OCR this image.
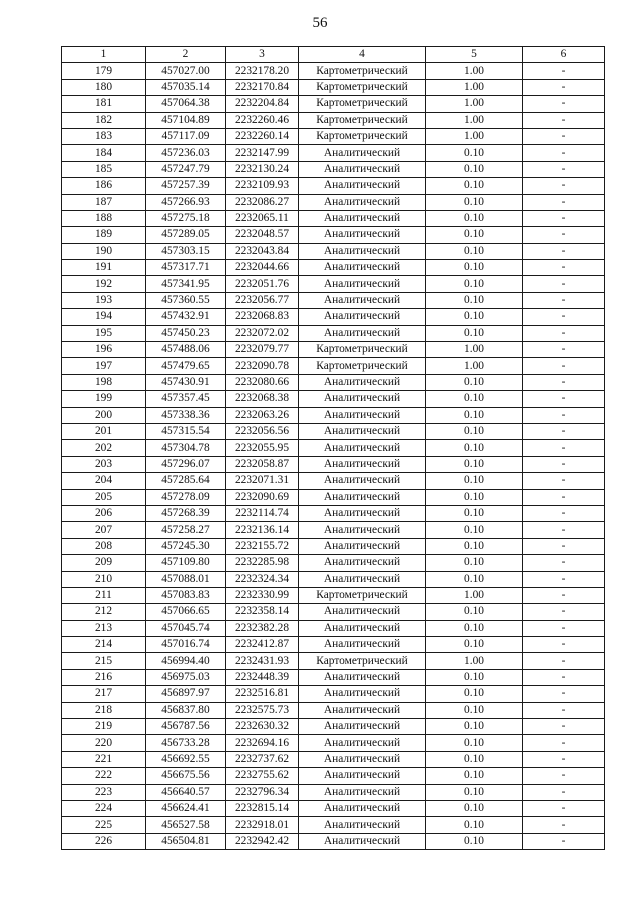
56
1	2	3	4	5	6
179	457027.00	2232178.20	Картометрический	1.00	-
180	457035.14	2232170.84	Картометрический	1.00	-
181	457064.38	2232204.84	Картометрический	1.00	-
182	457104.89	2232260.46	Картометрический	1.00	-
183	457117.09	2232260.14	Картометрический	1.00	-
184	457236.03	2232147.99	Аналитический	0.10	-
185	457247.79	2232130.24	Аналитический	0.10	-
186	457257.39	2232109.93	Аналитический	0.10	-
187	457266.93	2232086.27	Аналитический	0.10	-
188	457275.18	2232065.11	Аналитический	0.10	-
189	457289.05	2232048.57	Аналитический	0.10	-
190	457303.15	2232043.84	Аналитический	0.10	-
191	457317.71	2232044.66	Аналитический	0.10	-
192	457341.95	2232051.76	Аналитический	0.10	-
193	457360.55	2232056.77	Аналитический	0.10	-
194	457432.91	2232068.83	Аналитический	0.10	-
195	457450.23	2232072.02	Аналитический	0.10	-
196	457488.06	2232079.77	Картометрический	1.00	-
197	457479.65	2232090.78	Картометрический	1.00	-
198	457430.91	2232080.66	Аналитический	0.10	-
199	457357.45	2232068.38	Аналитический	0.10	-
200	457338.36	2232063.26	Аналитический	0.10	-
201	457315.54	2232056.56	Аналитический	0.10	-
202	457304.78	2232055.95	Аналитический	0.10	-
203	457296.07	2232058.87	Аналитический	0.10	-
204	457285.64	2232071.31	Аналитический	0.10	-
205	457278.09	2232090.69	Аналитический	0.10	-
206	457268.39	2232114.74	Аналитический	0.10	-
207	457258.27	2232136.14	Аналитический	0.10	-
208	457245.30	2232155.72	Аналитический	0.10	-
209	457109.80	2232285.98	Аналитический	0.10	-
210	457088.01	2232324.34	Аналитический	0.10	-
211	457083.83	2232330.99	Картометрический	1.00	-
212	457066.65	2232358.14	Аналитический	0.10	-
213	457045.74	2232382.28	Аналитический	0.10	-
214	457016.74	2232412.87	Аналитический	0.10	-
215	456994.40	2232431.93	Картометрический	1.00	-
216	456975.03	2232448.39	Аналитический	0.10	-
217	456897.97	2232516.81	Аналитический	0.10	-
218	456837.80	2232575.73	Аналитический	0.10	-
219	456787.56	2232630.32	Аналитический	0.10	-
220	456733.28	2232694.16	Аналитический	0.10	-
221	456692.55	2232737.62	Аналитический	0.10	-
222	456675.56	2232755.62	Аналитический	0.10	-
223	456640.57	2232796.34	Аналитический	0.10	-
224	456624.41	2232815.14	Аналитический	0.10	-
225	456527.58	2232918.01	Аналитический	0.10	-
226	456504.81	2232942.42	Аналитический	0.10	-
